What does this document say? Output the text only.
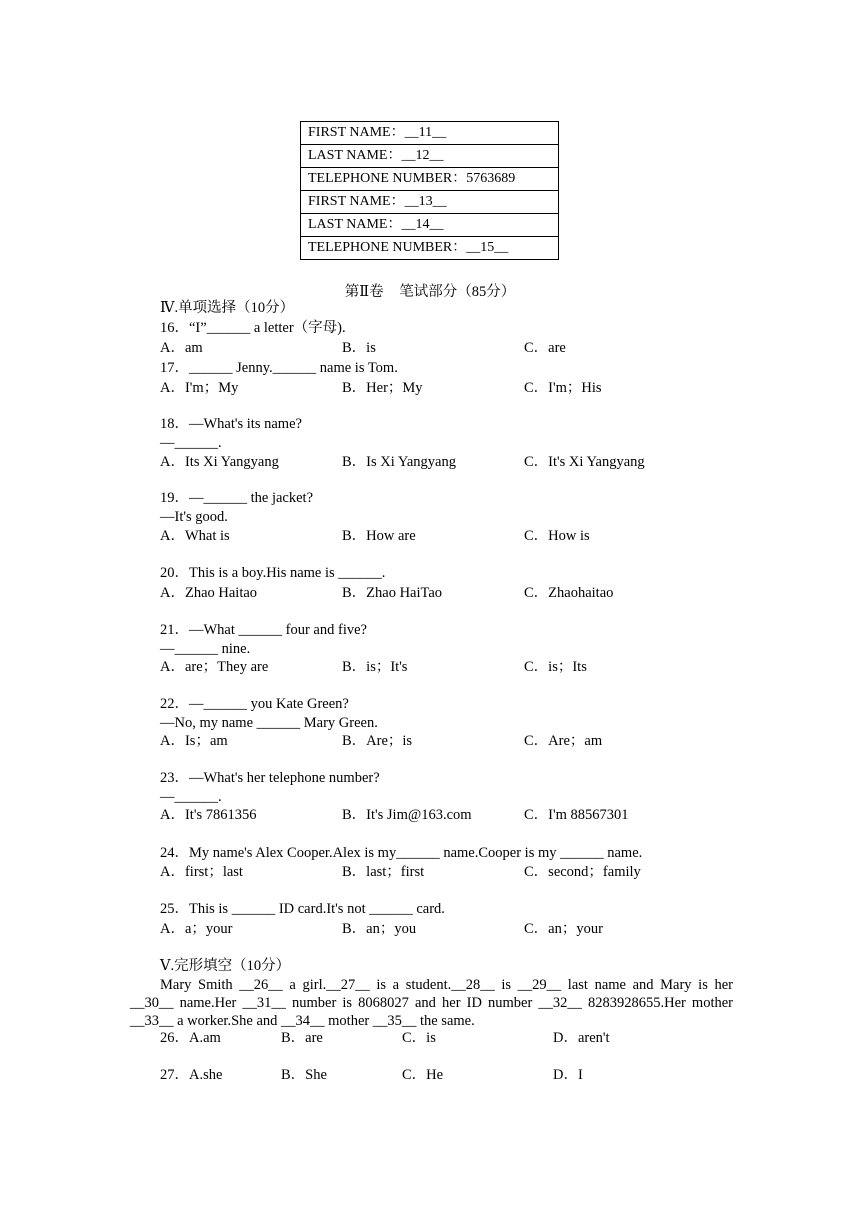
FIRST NAME：__11__
LAST NAME：__12__
TELEPHONE NUMBER：5763689
FIRST NAME：__13__
LAST NAME：__14__
TELEPHONE NUMBER：__15__
第Ⅱ卷 笔试部分（85分）
Ⅳ.单项选择（10分）
16．“I”______ a letter（字母).
A．am	B．is	C．are
17．______ Jenny.______ name is Tom.
A．I'm；My	B．Her；My	C．I'm；His
18．—What's its name?
—______.
A．Its Xi Yangyang	B．Is Xi Yangyang	C．It's Xi Yangyang
19．—______ the jacket?
—It's good.
A．What is	B．How are	C．How is
20．This is a boy.His name is ______.
A．Zhao Haitao	B．Zhao HaiTao	C．Zhaohaitao
21．—What ______ four and five?
—______ nine.
A．are；They are	B．is；It's	C．is；Its
22．—______ you Kate Green?
—No, my name ______ Mary Green.
A．Is；am	B．Are；is	C．Are；am
23．—What's her telephone number?
—______.
A．It's 7861356	B．It's Jim@163.com	C．I'm 88567301
24．My name's Alex Cooper.Alex is my______ name.Cooper is my ______ name.
A．first；last	B．last；first	C．second；family
25．This is ______ ID card.It's not ______ card.
A．a；your	B．an；you	C．an；your
Ⅴ.完形填空（10分）

Mary Smith __26__ a girl.__27__ is a student.__28__ is __29__ last name and Mary is her

__30__ name.Her __31__ number is 8068027 and her ID number __32__ 8283928655.Her mother

__33__ a worker.She and __34__ mother __35__ the same.

26．A.am	B．are	C．is	D．aren't
27．A.she	B．She	C．He	D．I
